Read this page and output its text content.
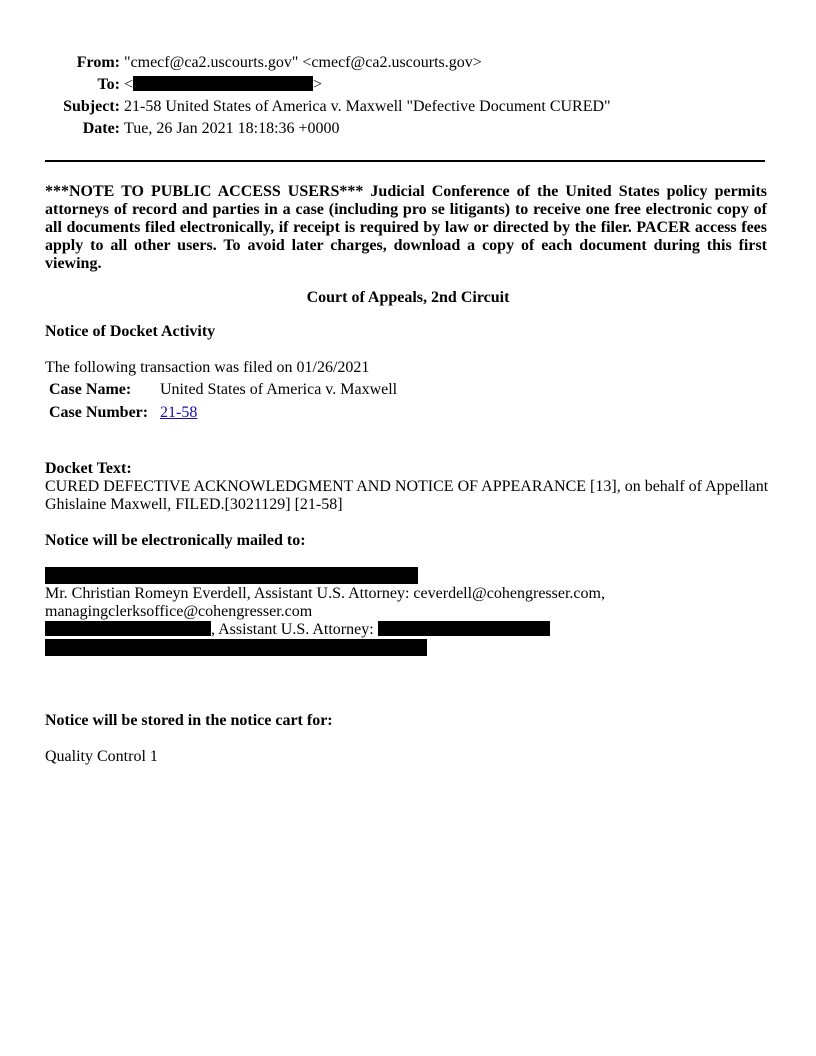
From: "cmecf@ca2.uscourts.gov" <cmecf@ca2.uscourts.gov>
To: <	>
Subject: 21-58 United States of America v. Maxwell "Defective Document CURED"
Date: Tue, 26 Jan 2021 18:18:36 +0000
***NOTE TO PUBLIC ACCESS USERS*** Judicial Conference of the United States policy permits attorneys of record and parties in a case (including pro se litigants) to receive one free electronic copy of all documents filed electronically, if receipt is required by law or directed by the filer. PACER access fees apply to all other users. To avoid later charges, download a copy of each document during this first viewing.
Court of Appeals, 2nd Circuit
Notice of Docket Activity
The following transaction was filed on 01/26/2021
Case Name:	United States of America v. Maxwell
Case Number: 21-58
Docket Text:
CURED DEFECTIVE ACKNOWLEDGMENT AND NOTICE OF APPEARANCE [13], on behalf of Appellant Ghislaine Maxwell, FILED.[3021129] [21-58]
Notice will be electronically mailed to:
Mr. Christian Romeyn Everdell, Assistant U.S. Attorney: ceverdell@cohengresser.com,
managingclerksoffice@cohengresser.com
, Assistant U.S. Attorney:
Notice will be stored in the notice cart for:
Quality Control 1
